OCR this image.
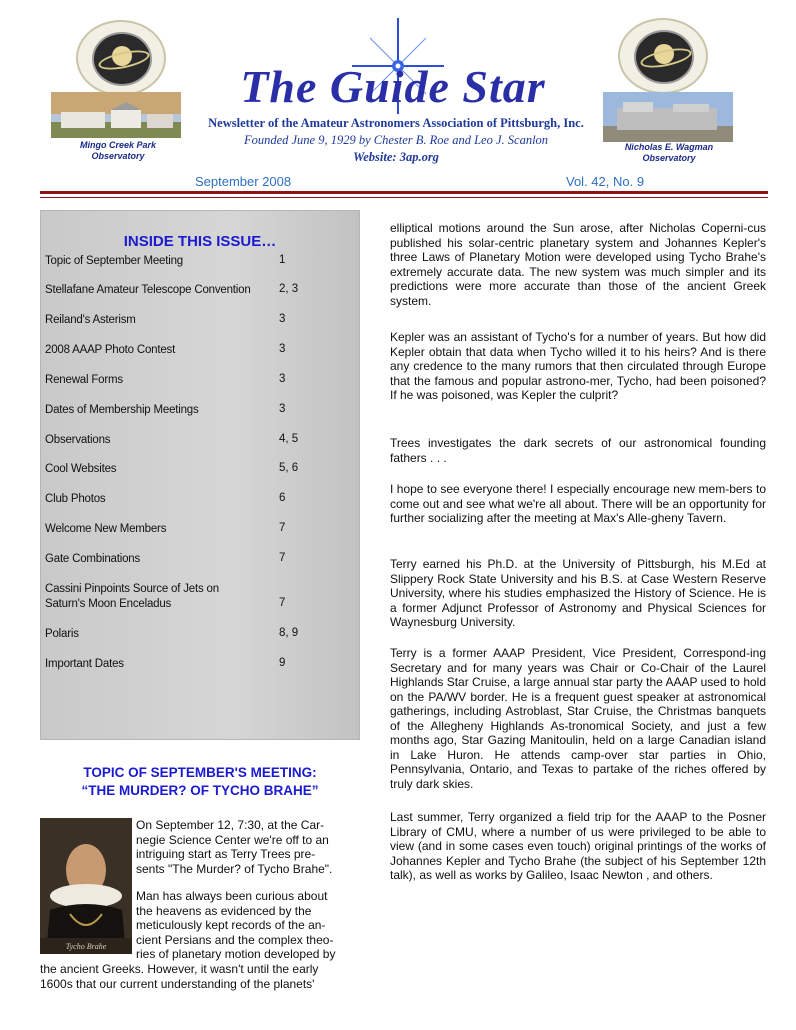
Mingo Creek Park Observatory
Nicholas E. Wagman Observatory
The Guide Star
Newsletter of the Amateur Astronomers Association of Pittsburgh, Inc.
Founded June 9, 1929 by Chester B. Roe and Leo J. Scanlon
Website: 3ap.org
September 2008	Vol. 42, No. 9
INSIDE THIS ISSUE…
Topic of September Meeting	1
Stellafane Amateur Telescope Convention	2, 3
Reiland's Asterism	3
2008 AAAP Photo Contest	3
Renewal Forms	3
Dates of Membership Meetings	3
Observations	4, 5
Cool Websites	5, 6
Club Photos	6
Welcome New Members	7
Gate Combinations	7
Cassini Pinpoints Source of Jets on
Saturn's Moon Enceladus	7
Polaris	8, 9
Important Dates	9
TOPIC OF SEPTEMBER'S MEETING:
“THE MURDER? OF TYCHO BRAHE”
Tycho Brahe
On September 12, 7:30, at the Car-
negie Science Center we're off to an
intriguing start as Terry Trees pre-
sents "The Murder? of Tycho Brahe".
Man has always been curious about
the heavens as evidenced by the
meticulously kept records of the an-
cient Persians and the complex theo-
ries of planetary motion developed by
the ancient Greeks. However, it wasn't until the early
1600s that our current understanding of the planets'
elliptical motions around the Sun arose, after Nicholas Coperni-cus published his solar-centric planetary system and Johannes Kepler's three Laws of Planetary Motion were developed using Tycho Brahe's extremely accurate data. The new system was much simpler and its predictions were more accurate than those of the ancient Greek system.
Kepler was an assistant of Tycho's for a number of years. But how did Kepler obtain that data when Tycho willed it to his heirs? And is there any credence to the many rumors that then circulated through Europe that the famous and popular astrono-mer, Tycho, had been poisoned? If he was poisoned, was Kepler the culprit?
Trees investigates the dark secrets of our astronomical founding fathers . . .
I hope to see everyone there! I especially encourage new mem-bers to come out and see what we're all about. There will be an opportunity for further socializing after the meeting at Max's Alle-gheny Tavern.
Terry earned his Ph.D. at the University of Pittsburgh, his M.Ed at Slippery Rock State University and his B.S. at Case Western Reserve University, where his studies emphasized the History of Science. He is a former Adjunct Professor of Astronomy and Physical Sciences for Waynesburg University.
Terry is a former AAAP President, Vice President, Correspond-ing Secretary and for many years was Chair or Co-Chair of the Laurel Highlands Star Cruise, a large annual star party the AAAP used to hold on the PA/WV border. He is a frequent guest speaker at astronomical gatherings, including Astroblast, Star Cruise, the Christmas banquets of the Allegheny Highlands As-tronomical Society, and just a few months ago, Star Gazing Manitoulin, held on a large Canadian island in Lake Huron. He attends camp-over star parties in Ohio, Pennsylvania, Ontario, and Texas to partake of the riches offered by truly dark skies.
Last summer, Terry organized a field trip for the AAAP to the Posner Library of CMU, where a number of us were privileged to be able to view (and in some cases even touch) original printings of the works of Johannes Kepler and Tycho Brahe (the subject of his September 12th talk), as well as works by Galileo, Isaac Newton , and others.
